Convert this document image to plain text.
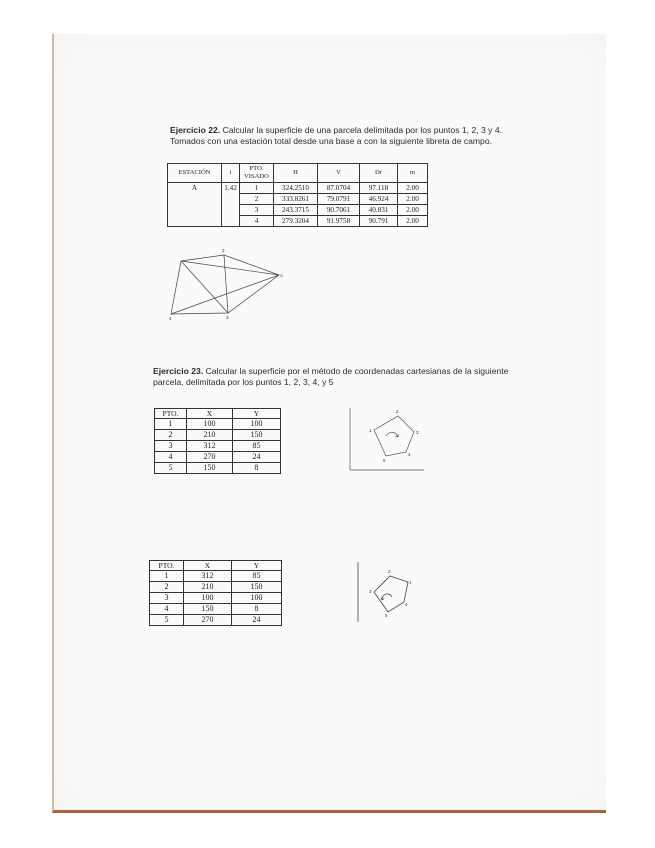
Ejercicio 22. Calcular la superficie de una parcela delimitada por los puntos 1, 2, 3 y 4. Tomados con una estación total desde una base a con la siguiente libreta de campo.
ESTACIÓN	i	PTO. VISADO	H	V	Dr	m
A	1.42	1	324.2510	87.0704	97.118	2.00
		2	333.8261	79.0791	46.924	2.00
		3	243.3715	90.7061	40.831	2.00
		4	279.3204	91.9758	90.791	2.00
2
A
4	3
Ejercicio 23. Calcular la superficie por el método de coordenadas cartesianas de la siguiente parcela, delimitada por los puntos 1, 2, 3, 4, y 5
PTO.	X	Y
1	100	100
2	210	150
3	312	85
4	270	24
5	150	8
1
2
3
4
5
PTO.	X	Y
1	312	85
2	210	150
3	100	100
4	150	8
5	270	24
3
2
1
4
5
